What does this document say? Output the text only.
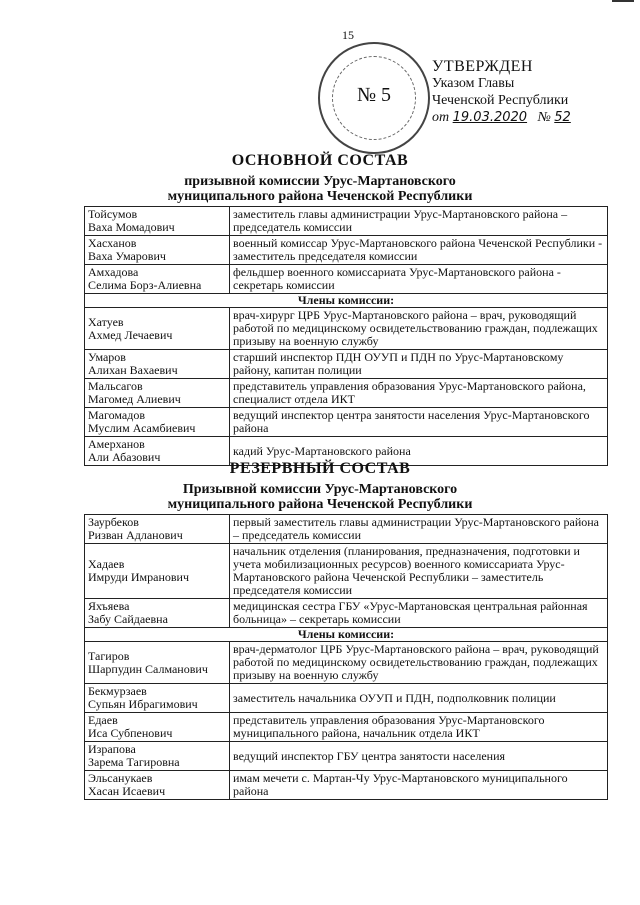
15
№ 5
УТВЕРЖДЕН
Указом Главы
Чеченской Республики
от 19.03.2020 № 52
ОСНОВНОЙ СОСТАВ
призывной комиссии Урус-Мартановского
муниципального района Чеченской Республики
Тойсумов
Ваха Момадович	заместитель главы администрации Урус-Мартановского района – председатель комиссии
Хасханов
Ваха Умарович	военный комиссар Урус-Мартановского района Чеченской Республики - заместитель председателя комиссии
Амхадова
Селима Борз-Алиевна	фельдшер военного комиссариата Урус-Мартановского района - секретарь комиссии
Члены комиссии:	
Хатуев
Ахмед Лечаевич	врач-хирург ЦРБ Урус-Мартановского района – врач, руководящий работой по медицинскому освидетельствованию граждан, подлежащих призыву на военную службу
Умаров
Алихан Вахаевич	старший инспектор ПДН ОУУП и ПДН по Урус-Мартановскому району, капитан полиции
Мальсагов
Магомед Алиевич	представитель управления образования Урус-Мартановского района, специалист отдела ИКТ
Магомадов
Муслим Асамбиевич	ведущий инспектор центра занятости населения Урус-Мартановского района
Амерханов
Али Абазович	кадий Урус-Мартановского района
РЕЗЕРВНЫЙ СОСТАВ
Призывной комиссии Урус-Мартановского
муниципального района Чеченской Республики
Заурбеков
Ризван Адланович	первый заместитель главы администрации Урус-Мартановского района – председатель комиссии
Хадаев
Имруди Имранович	начальник отделения (планирования, предназначения, подготовки и учета мобилизационных ресурсов) военного комиссариата Урус-Мартановского района Чеченской Республики – заместитель председателя комиссии
Яхъяева
Забу Сайдаевна	медицинская сестра ГБУ «Урус-Мартановская центральная районная больница» – секретарь комиссии
Члены комиссии:	
Тагиров
Шарпудин Салманович	врач-дерматолог ЦРБ Урус-Мартановского района – врач, руководящий работой по медицинскому освидетельствованию граждан, подлежащих призыву на военную службу
Бекмурзаев
Супьян Ибрагимович	заместитель начальника ОУУП и ПДН, подполковник полиции
Едаев
Иса Субпенович	представитель управления образования Урус-Мартановского муниципального района, начальник отдела ИКТ
Израпова
Зарема Тагировна	ведущий инспектор ГБУ центра занятости населения
Эльсанукаев
Хасан Исаевич	имам мечети с. Мартан-Чу Урус-Мартановского муниципального района
